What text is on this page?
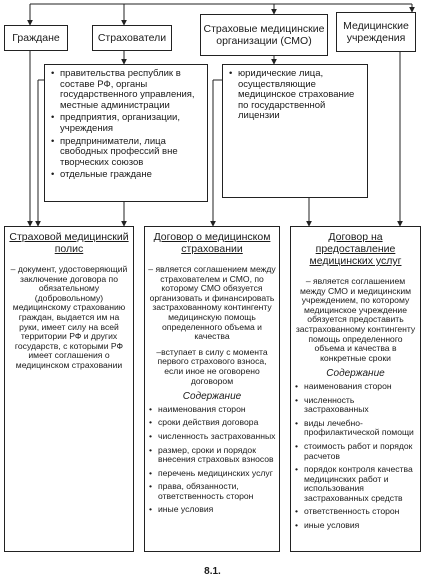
Граждане	Страхователи
Страховые медицинские организации (СМО)
Медицинские учреждения
• правительства республик в составе РФ, органы государственного управления, местные администрации
• предприятия, организации, учреждения
• предприниматели, лица свободных профессий вне творческих союзов
• отдельные граждане
• юридические лица, осуществляющие медицинское страхование по государственной лицензии
Страховой медицинский полис

– документ, удостоверяющий заключение договора по обязательному (добровольному) медицинскому страхованию граждан, выдается им на руки, имеет силу на всей территории РФ и других государств, с которыми РФ имеет соглашения о медицинском страховании

Договор о медицинском страховании

– является соглашением между страхователем и СМО, по которому СМО обязуется организовать и финансировать застрахованному контингенту медицинскую помощь определенного объема и качества

–вступает в силу с момента первого страхового взноса, если иное не оговорено договором

Содержание
• наименования сторон
• сроки действия договора
• численность застрахованных
• размер, сроки и порядок внесения страховых взносов
• перечень медицинских услуг
• права, обязанности, ответственность сторон
• иные условия
Договор на предоставление медицинских услуг

– является соглашением между СМО и медицинским учреждением, по которому медицинское учреждение обязуется предоставить застрахованному контингенту помощь определенного объема и качества в конкретные сроки

Содержание
• наименования сторон
• численность застрахованных
• виды лечебно-профилактической помощи
• стоимость работ и порядок расчетов
• порядок контроля качества медицинских работ и использования застрахованных средств
• ответственность сторон
• иные условия
8.1.
